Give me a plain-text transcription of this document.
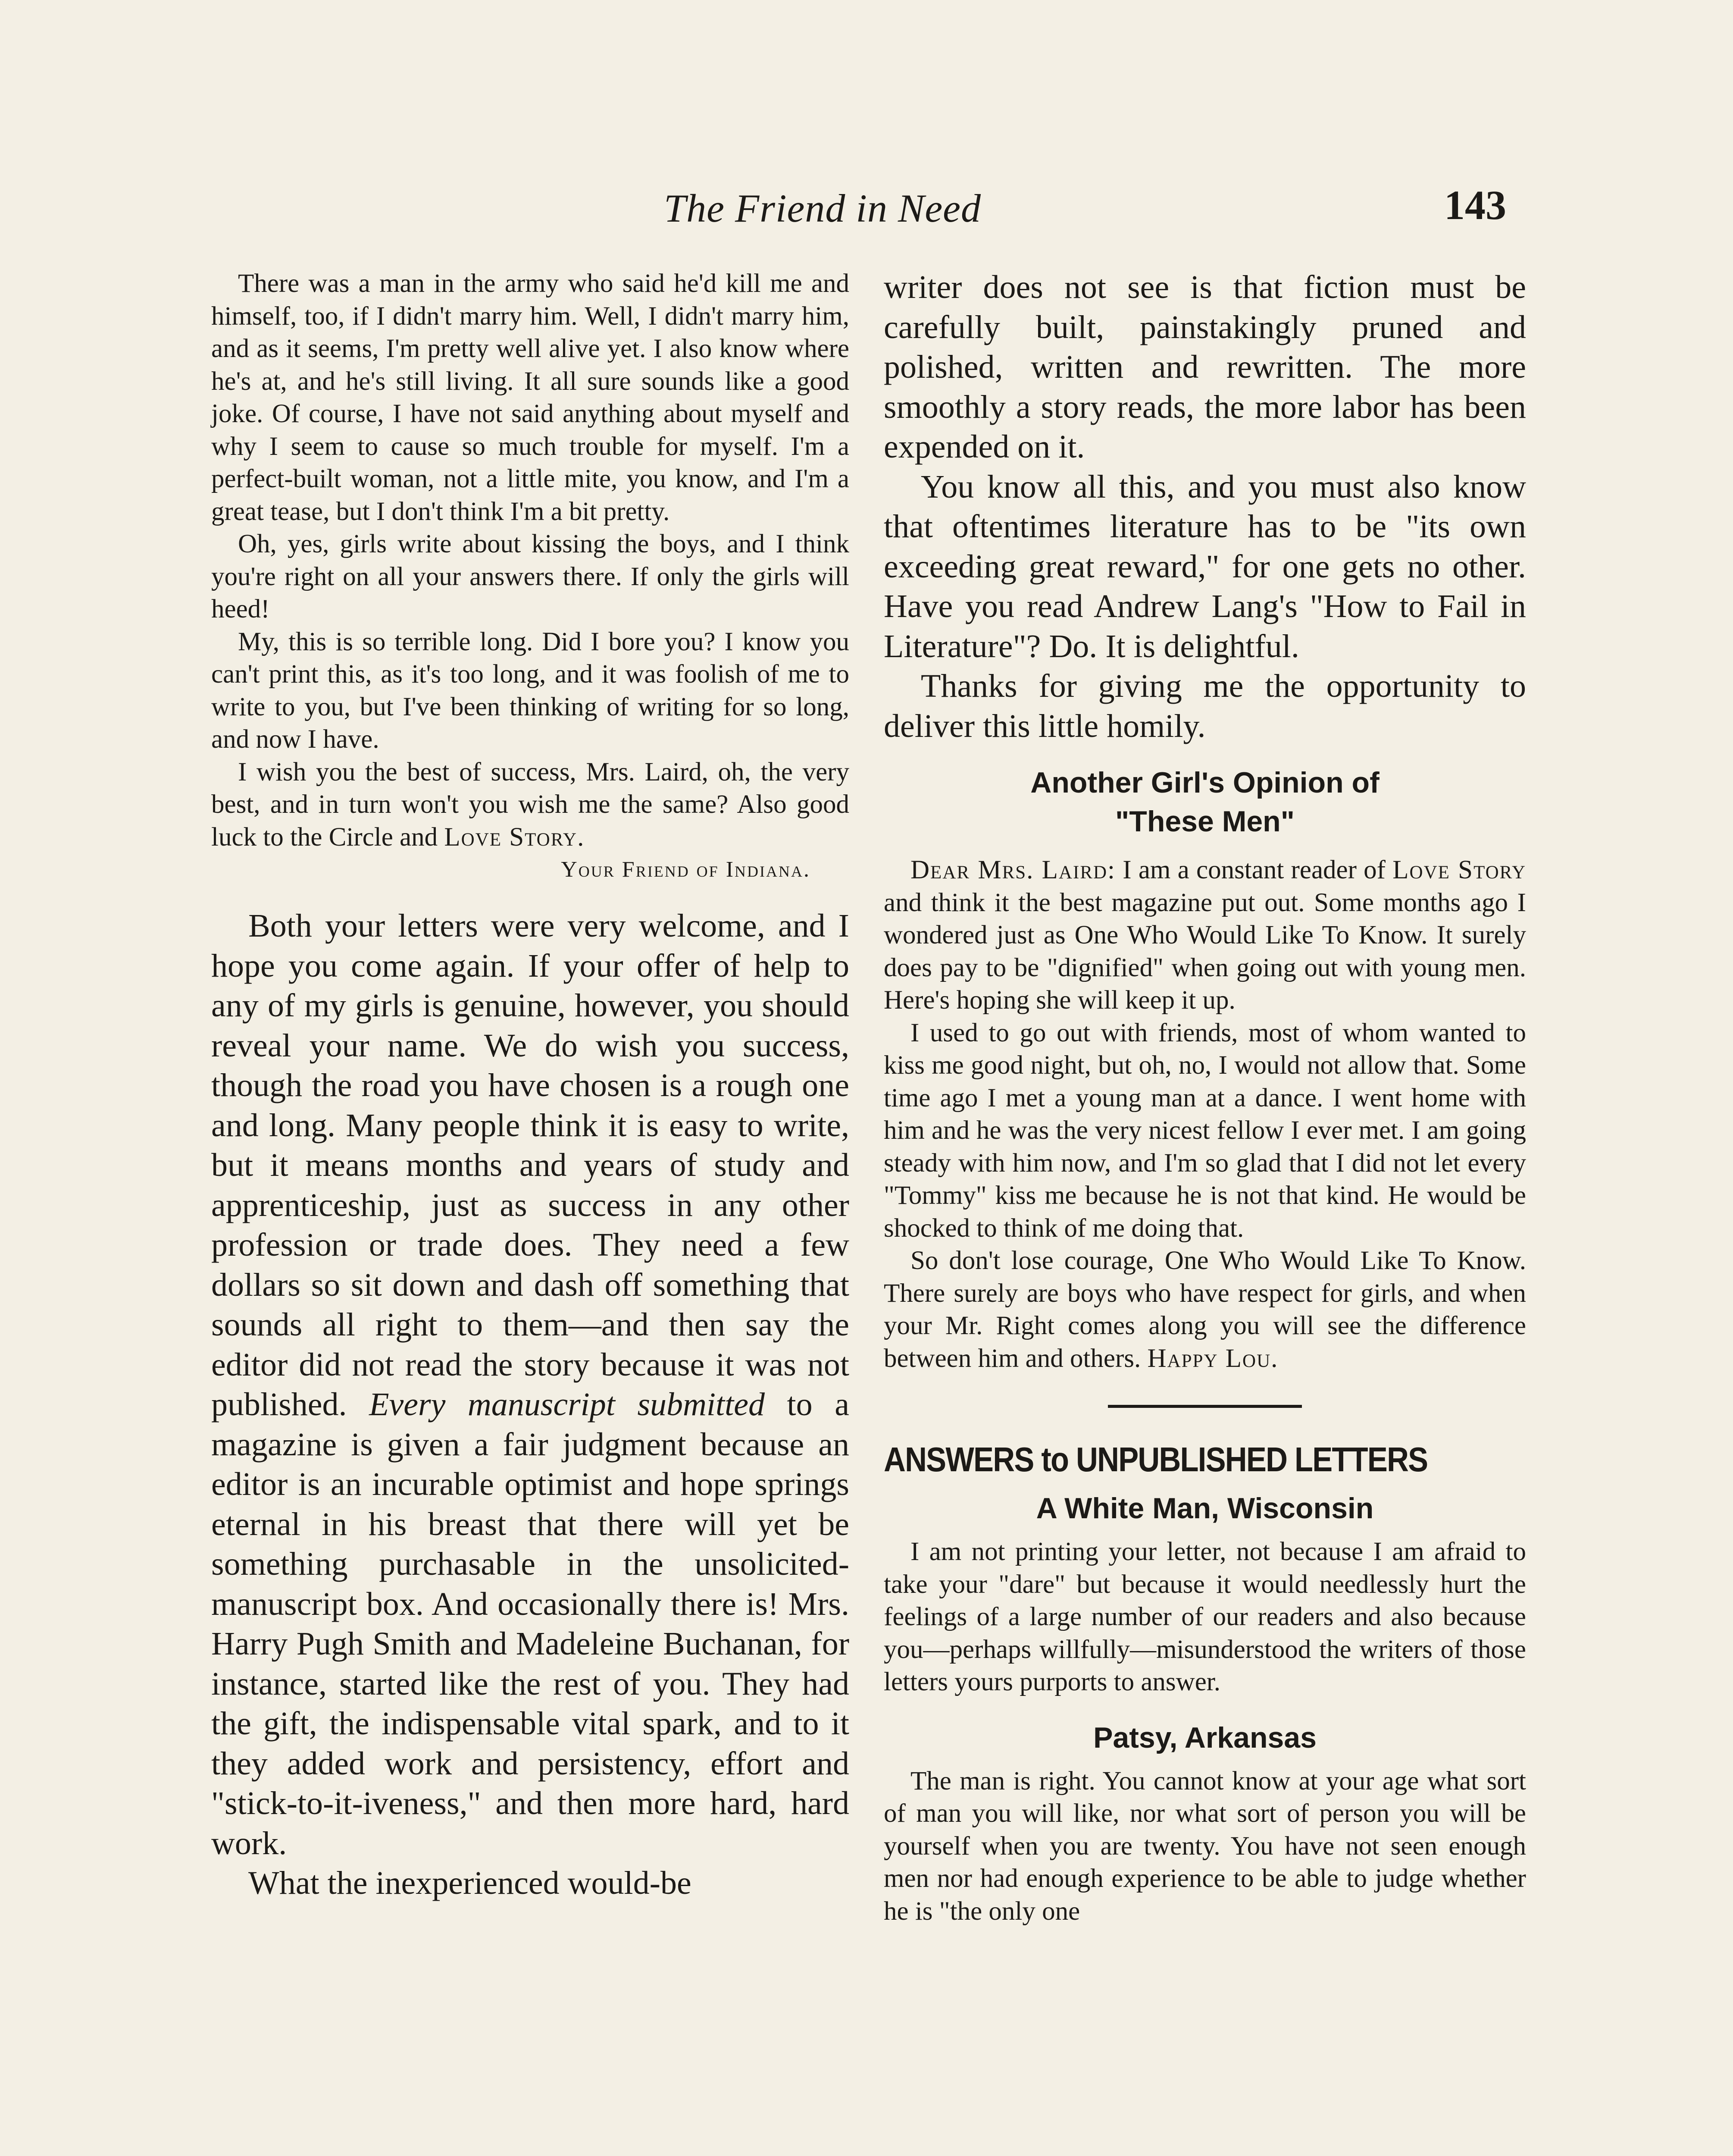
The Friend in Need	143

There was a man in the army who said he'd kill me and himself, too, if I didn't marry him. Well, I didn't marry him, and as it seems, I'm pretty well alive yet. I also know where he's at, and he's still living. It all sure sounds like a good joke. Of course, I have not said anything about myself and why I seem to cause so much trouble for myself. I'm a perfect-built woman, not a little mite, you know, and I'm a great tease, but I don't think I'm a bit pretty.

Oh, yes, girls write about kissing the boys, and I think you're right on all your answers there. If only the girls will heed!

My, this is so terrible long. Did I bore you? I know you can't print this, as it's too long, and it was foolish of me to write to you, but I've been thinking of writing for so long, and now I have.

I wish you the best of success, Mrs. Laird, oh, the very best, and in turn won't you wish me the same? Also good luck to the Circle and Love Story.

Your Friend of Indiana.

Both your letters were very welcome, and I hope you come again. If your offer of help to any of my girls is genuine, however, you should reveal your name. We do wish you success, though the road you have chosen is a rough one and long. Many people think it is easy to write, but it means months and years of study and apprenticeship, just as success in any other profession or trade does. They need a few dollars so sit down and dash off something that sounds all right to them—and then say the editor did not read the story because it was not published. Every manuscript submitted to a magazine is given a fair judgment because an editor is an incurable optimist and hope springs eternal in his breast that there will yet be something purchasable in the unsolicited-manuscript box. And occasionally there is! Mrs. Harry Pugh Smith and Madeleine Buchanan, for instance, started like the rest of you. They had the gift, the indispensable vital spark, and to it they added work and persistency, effort and "stick-to-it-iveness," and then more hard, hard work.

What the inexperienced would-be

writer does not see is that fiction must be carefully built, painstakingly pruned and polished, written and rewritten. The more smoothly a story reads, the more labor has been expended on it.

You know all this, and you must also know that oftentimes literature has to be "its own exceeding great reward," for one gets no other. Have you read Andrew Lang's "How to Fail in Literature"? Do. It is delightful.

Thanks for giving me the opportunity to deliver this little homily.

Another Girl's Opinion of
"These Men"

Dear Mrs. Laird: I am a constant reader of Love Story and think it the best magazine put out. Some months ago I wondered just as One Who Would Like To Know. It surely does pay to be "dignified" when going out with young men. Here's hoping she will keep it up.

I used to go out with friends, most of whom wanted to kiss me good night, but oh, no, I would not allow that. Some time ago I met a young man at a dance. I went home with him and he was the very nicest fellow I ever met. I am going steady with him now, and I'm so glad that I did not let every "Tommy" kiss me because he is not that kind. He would be shocked to think of me doing that.

So don't lose courage, One Who Would Like To Know. There surely are boys who have respect for girls, and when your Mr. Right comes along you will see the difference between him and others. Happy Lou.

ANSWERS to UNPUBLISHED LETTERS
A White Man, Wisconsin

I am not printing your letter, not because I am afraid to take your "dare" but because it would needlessly hurt the feelings of a large number of our readers and also because you—perhaps willfully—misunderstood the writers of those letters yours purports to answer.

Patsy, Arkansas

The man is right. You cannot know at your age what sort of man you will like, nor what sort of person you will be yourself when you are twenty. You have not seen enough men nor had enough experience to be able to judge whether he is "the only one
